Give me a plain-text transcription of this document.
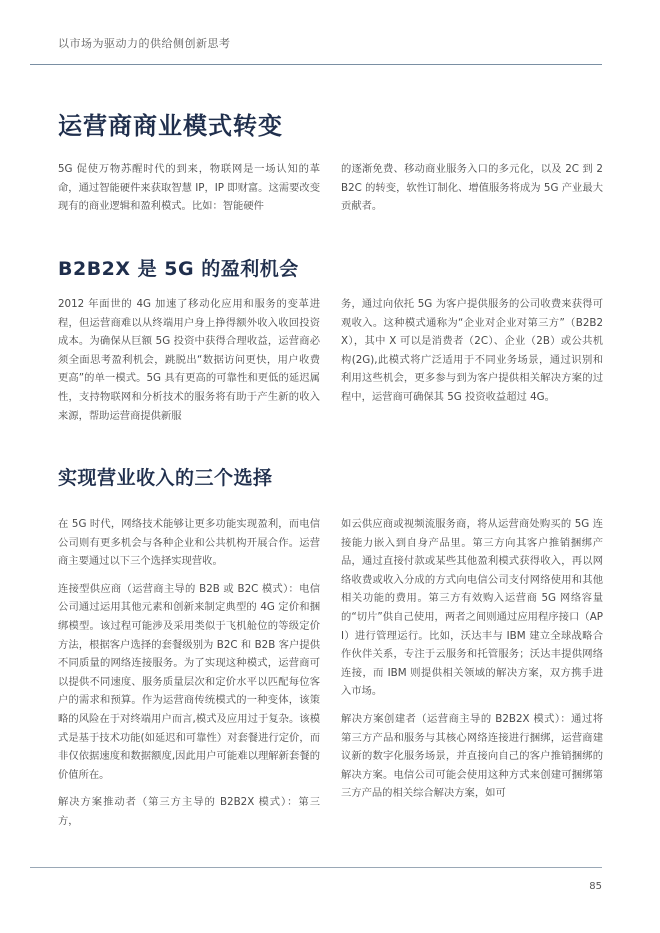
以市场为驱动力的供给侧创新思考
运营商商业模式转变

5G 促使万物苏醒时代的到来，物联网是一场认知的革命，通过智能硬件来获取智慧 IP，IP 即财富。这需要改变现有的商业逻辑和盈利模式。比如：智能硬件

的逐渐免费、移动商业服务入口的多元化，以及 2C 到 2B2C 的转变，软性订制化、增值服务将成为 5G 产业最大贡献者。

B2B2X 是 5G 的盈利机会

2012 年面世的 4G 加速了移动化应用和服务的变革进程，但运营商难以从终端用户身上挣得额外收入收回投资成本。为确保从巨额 5G 投资中获得合理收益，运营商必须全面思考盈利机会，跳脱出“数据访问更快，用户收费更高”的单一模式。5G 具有更高的可靠性和更低的延迟属性，支持物联网和分析技术的服务将有助于产生新的收入来源，帮助运营商提供新服

务，通过向依托 5G 为客户提供服务的公司收费来获得可观收入。这种模式通称为“企业对企业对第三方”（B2B2X），其中 X 可以是消费者（2C）、企业（2B）或公共机构(2G),此模式将广泛适用于不同业务场景，通过识别和利用这些机会，更多参与到为客户提供相关解决方案的过程中，运营商可确保其 5G 投资收益超过 4G。

实现营业收入的三个选择

在 5G 时代，网络技术能够让更多功能实现盈利，而电信公司则有更多机会与各种企业和公共机构开展合作。运营商主要通过以下三个选择实现营收。

连接型供应商（运营商主导的 B2B 或 B2C 模式）：电信公司通过运用其他元素和创新来制定典型的 4G 定价和捆绑模型。该过程可能涉及采用类似于飞机舱位的等级定价方法，根据客户选择的套餐级别为 B2C 和 B2B 客户提供不同质量的网络连接服务。为了实现这种模式，运营商可以提供不同速度、服务质量层次和定价水平以匹配每位客户的需求和预算。作为运营商传统模式的一种变体，该策略的风险在于对终端用户而言,模式及应用过于复杂。该模式是基于技术功能(如延迟和可靠性）对套餐进行定价，而非仅依据速度和数据额度,因此用户可能难以理解新套餐的价值所在。

解决方案推动者（第三方主导的 B2B2X 模式）：第三方，

如云供应商或视频流服务商，将从运营商处购买的 5G 连接能力嵌入到自身产品里。第三方向其客户推销捆绑产品，通过直接付款或某些其他盈利模式获得收入，再以网络收费或收入分成的方式向电信公司支付网络使用和其他相关功能的费用。第三方有效购入运营商 5G 网络容量的“切片”供自己使用，两者之间则通过应用程序接口（API）进行管理运行。比如，沃达丰与 IBM 建立全球战略合作伙伴关系，专注于云服务和托管服务；沃达丰提供网络连接，而 IBM 则提供相关领域的解决方案，双方携手进入市场。

解决方案创建者（运营商主导的 B2B2X 模式）：通过将第三方产品和服务与其核心网络连接进行捆绑，运营商建议新的数字化服务场景，并直接向自己的客户推销捆绑的解决方案。电信公司可能会使用这种方式来创建可捆绑第三方产品的相关综合解决方案，如可

85
